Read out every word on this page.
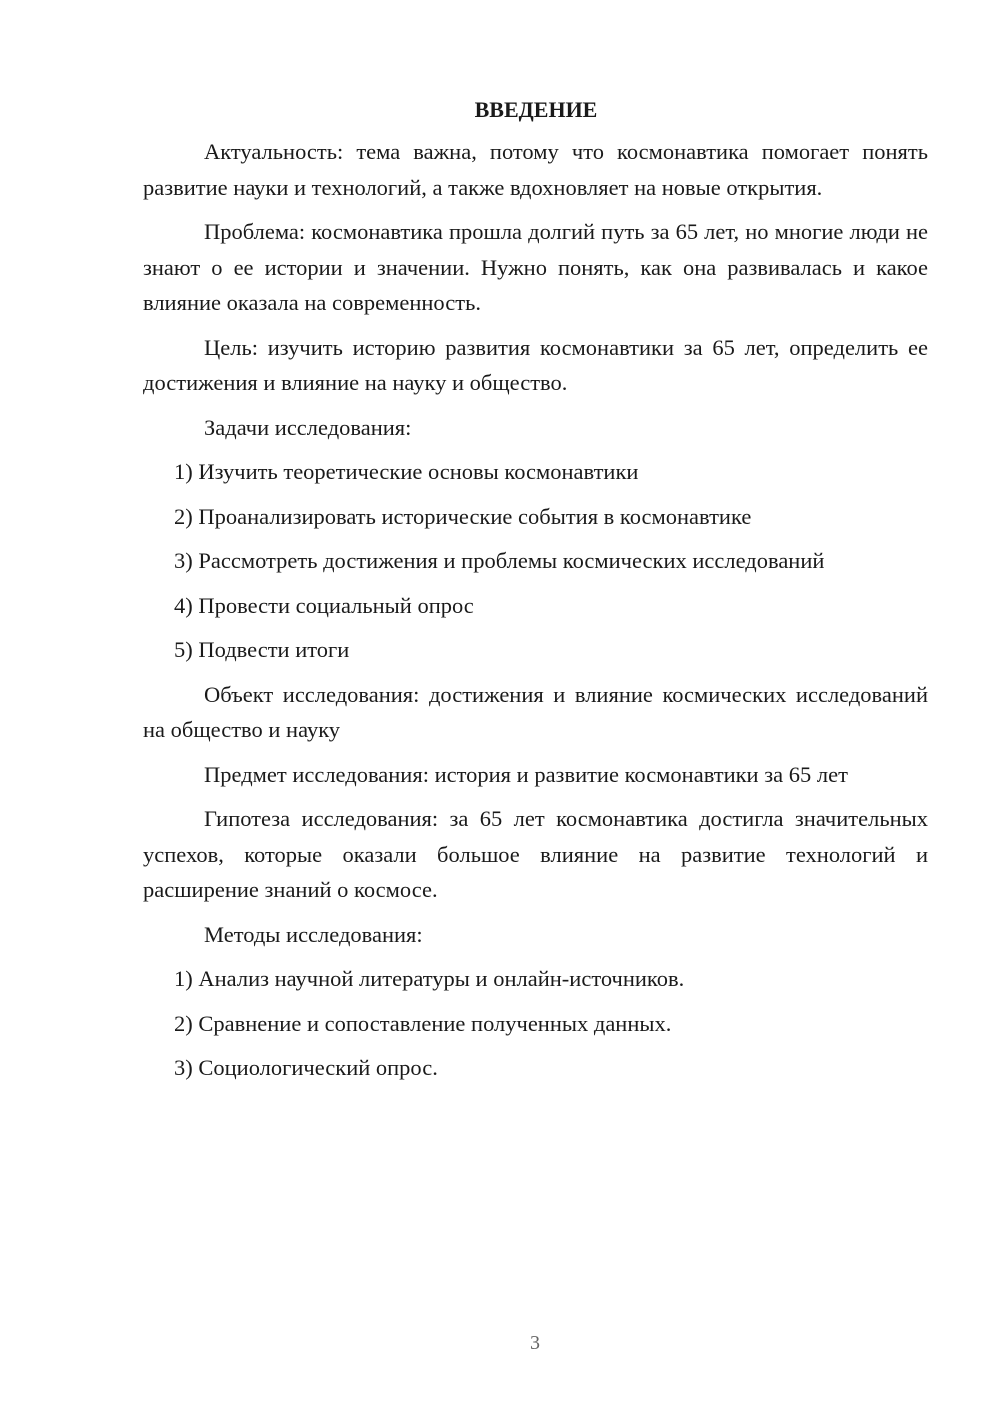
ВВЕДЕНИЕ

Актуальность: тема важна, потому что космонавтика помогает понять развитие науки и технологий, а также вдохновляет на новые открытия.

Проблема: космонавтика прошла долгий путь за 65 лет, но многие люди не знают о ее истории и значении. Нужно понять, как она развивалась и какое влияние оказала на современность.

Цель: изучить историю развития космонавтики за 65 лет, определить ее достижения и влияние на науку и общество.

Задачи исследования:

1) Изучить теоретические основы космонавтики

2) Проанализировать исторические события в космонавтике

3) Рассмотреть достижения и проблемы космических исследований

4) Провести социальный опрос

5) Подвести итоги

Объект исследования: достижения и влияние космических исследований на общество и науку

Предмет исследования: история и развитие космонавтики за 65 лет

Гипотеза исследования: за 65 лет космонавтика достигла значительных успехов, которые оказали большое влияние на развитие технологий и расширение знаний о космосе.

Методы исследования:

1) Анализ научной литературы и онлайн-источников.

2) Сравнение и сопоставление полученных данных.

3) Социологический опрос.

3
